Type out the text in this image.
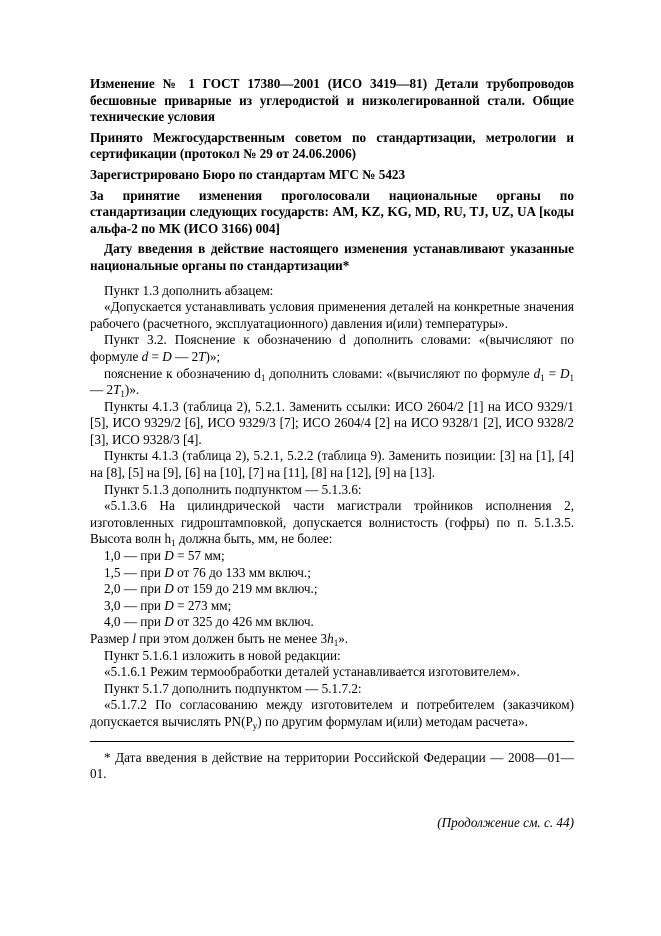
Изменение № 1 ГОСТ 17380—2001 (ИСО 3419—81) Детали трубопроводов бесшовные приварные из углеродистой и низколегированной стали. Общие технические условия

Принято Межгосударственным советом по стандартизации, метрологии и сертификации (протокол № 29 от 24.06.2006)

Зарегистрировано Бюро по стандартам МГС № 5423

За принятие изменения проголосовали национальные органы по стандартизации следующих государств: AM, KZ, KG, MD, RU, TJ, UZ, UA [коды альфа-2 по МК (ИСО 3166) 004]

Дату введения в действие настоящего изменения устанавливают указанные национальные органы по стандартизации*

Пункт 1.3 дополнить абзацем:

«Допускается устанавливать условия применения деталей на конкретные значения рабочего (расчетного, эксплуатационного) давления и(или) температуры».

Пункт 3.2. Пояснение к обозначению d дополнить словами: «(вычисляют по формуле d = D — 2T)»;

пояснение к обозначению $d_1$ дополнить словами: «(вычисляют по формуле $d_1 = D_1$ — $2T_1$)».

Пункты 4.1.3 (таблица 2), 5.2.1. Заменить ссылки: ИСО 2604/2 [1] на ИСО 9329/1 [5], ИСО 9329/2 [6], ИСО 9329/3 [7]; ИСО 2604/4 [2] на ИСО 9328/1 [2], ИСО 9328/2 [3], ИСО 9328/3 [4].

Пункты 4.1.3 (таблица 2), 5.2.1, 5.2.2 (таблица 9). Заменить позиции: [3] на [1], [4] на [8], [5] на [9], [6] на [10], [7] на [11], [8] на [12], [9] на [13].

Пункт 5.1.3 дополнить подпунктом — 5.1.3.6:

«5.1.3.6 На цилиндрической части магистрали тройников исполнения 2, изготовленных гидроштамповкой, допускается волнистость (гофры) по п. 5.1.3.5. Высота волн $h_1$ должна быть, мм, не более:

1,0 — при D = 57 мм;

1,5 — при D от 76 до 133 мм включ.;

2,0 — при D от 159 до 219 мм включ.;

3,0 — при D = 273 мм;

4,0 — при D от 325 до 426 мм включ.

Размер l при этом должен быть не менее $3h_1$».

Пункт 5.1.6.1 изложить в новой редакции:

«5.1.6.1 Режим термообработки деталей устанавливается изготовителем».

Пункт 5.1.7 дополнить подпунктом — 5.1.7.2:

«5.1.7.2 По согласованию между изготовителем и потребителем (заказчиком) допускается вычислять $PN(P_y)$ по другим формулам и(или) методам расчета».

* Дата введения в действие на территории Российской Федерации — 2008—01—01.

(Продолжение см. с. 44)
